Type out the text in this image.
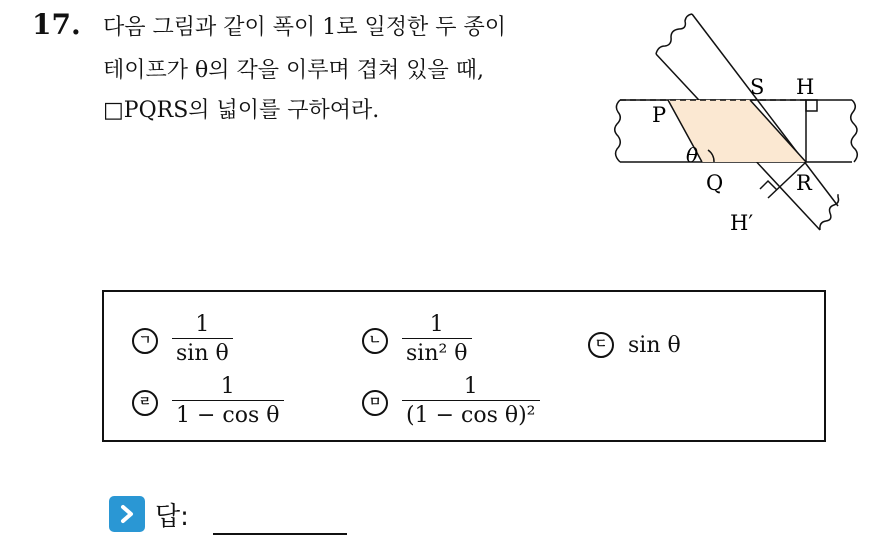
17. 다음 그림과 같이 폭이 1로 일정한 두 종이
테이프가 θ의 각을 이루며 겹쳐 있을 때,
□PQRS의 넓이를 구하여라.	P
S H
θ
Q	R
H′
ㄱ $\frac{1}{\text{sin θ}}$	ㄴ $\frac{1}{\text{sin² θ}}$	ㄷ sin θ
ㄹ $\frac{1}{\text{1 − cos θ}}$	ㅁ $\frac{1}{\text{(1 − cos θ)²}}$
답:
